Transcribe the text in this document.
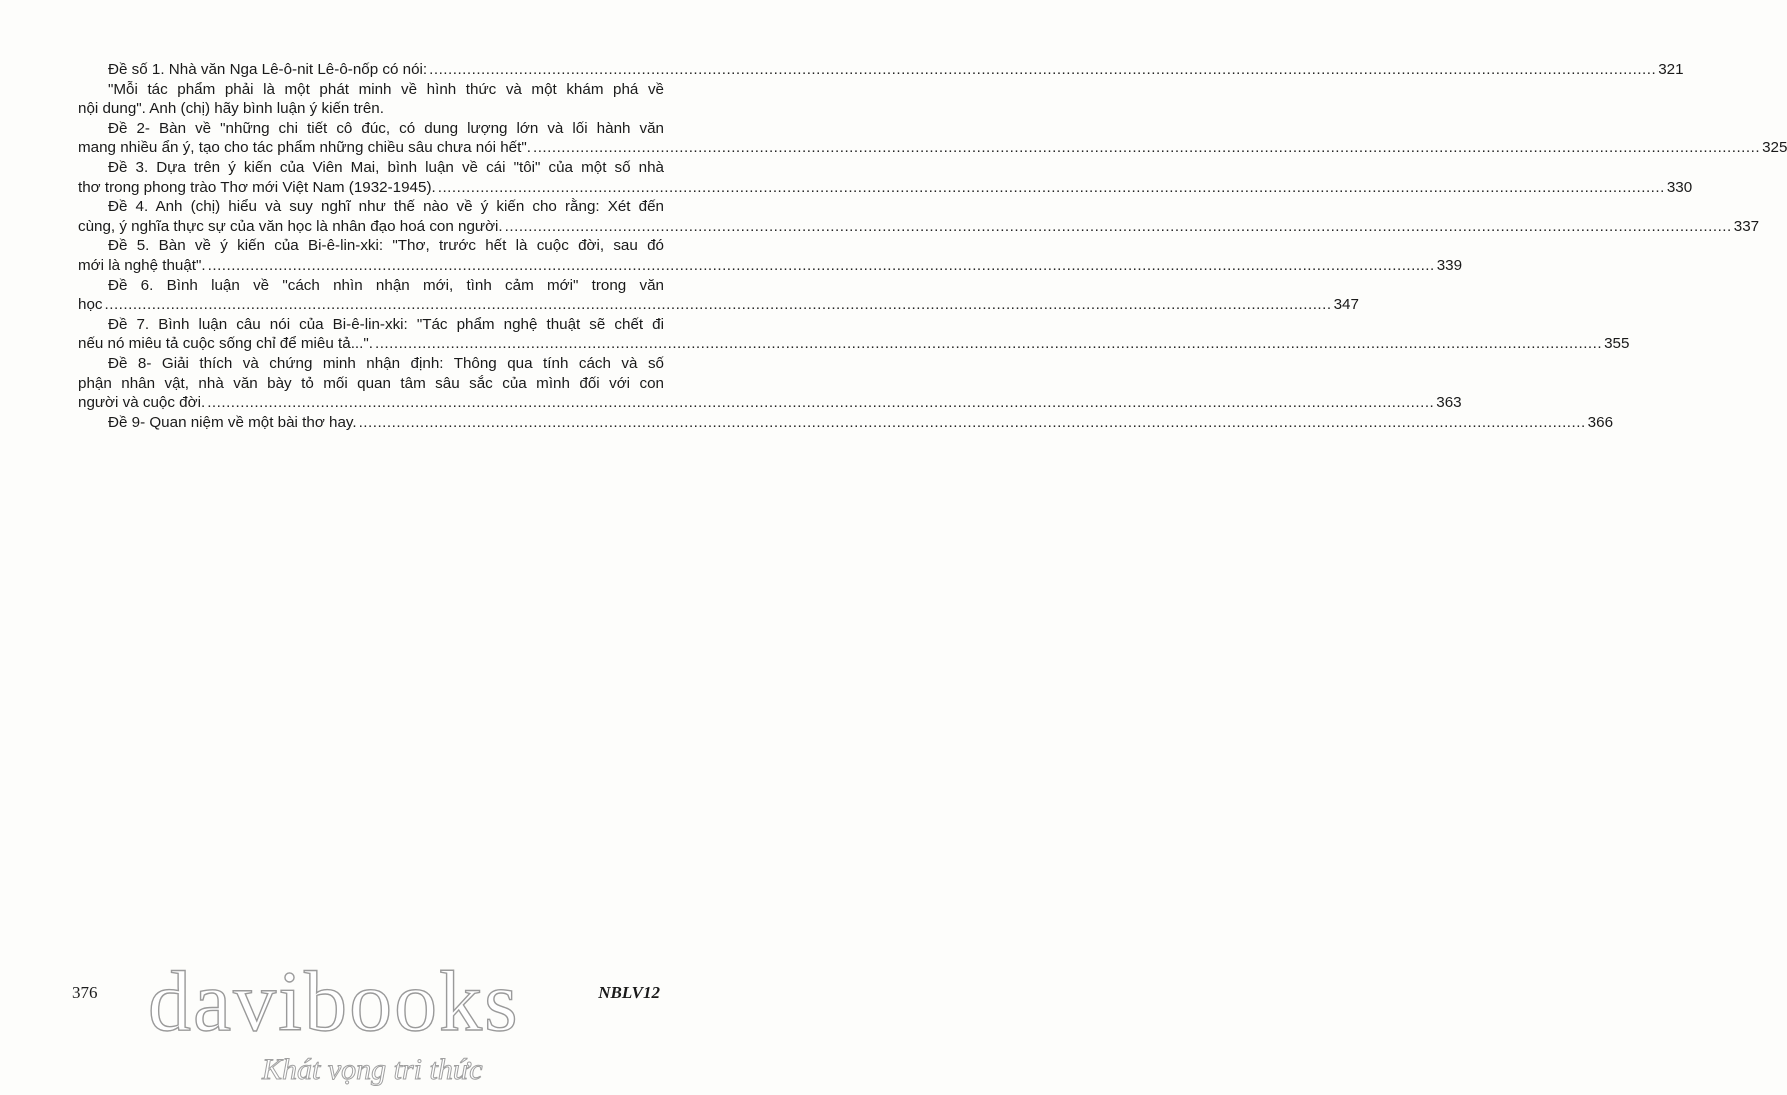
Đề số 1. Nhà văn Nga Lê-ô-nit Lê-ô-nốp có nói: .................................................................................................................................................................................................................................................................... 321
"Mỗi tác phẩm phải là một phát minh về hình thức và một khám phá về
nội dung". Anh (chị) hãy bình luận ý kiến trên.
Đề 2- Bàn về "những chi tiết cô đúc, có dung lượng lớn và lối hành văn
mang nhiều ẩn ý, tạo cho tác phẩm những chiều sâu chưa nói hết". .................................................................................................................................................................................................................................................................... 325
Đề 3. Dựa trên ý kiến của Viên Mai, bình luận về cái "tôi" của một số nhà
thơ trong phong trào Thơ mới Việt Nam (1932-1945). .................................................................................................................................................................................................................................................................... 330
Đề 4. Anh (chị) hiểu và suy nghĩ như thế nào về ý kiến cho rằng: Xét đến
cùng, ý nghĩa thực sự của văn học là nhân đạo hoá con người. .................................................................................................................................................................................................................................................................... 337
Đề 5. Bàn về ý kiến của Bi-ê-lin-xki: "Thơ, trước hết là cuộc đời, sau đó
mới là nghệ thuật". .................................................................................................................................................................................................................................................................... 339
Đề 6. Bình luận về "cách nhìn nhận mới, tình cảm mới" trong văn
học .................................................................................................................................................................................................................................................................... 347
Đề 7. Bình luận câu nói của Bi-ê-lin-xki: "Tác phẩm nghệ thuật sẽ chết đi
nếu nó miêu tả cuộc sống chỉ để miêu tả...". .................................................................................................................................................................................................................................................................... 355
Đề 8- Giải thích và chứng minh nhận định: Thông qua tính cách và số
phận nhân vật, nhà văn bày tỏ mối quan tâm sâu sắc của mình đối với con
người và cuộc đời. .................................................................................................................................................................................................................................................................... 363
Đề 9- Quan niệm về một bài thơ hay. .................................................................................................................................................................................................................................................................... 366
376	NBLV12
davibooks
Khát vọng tri thức
